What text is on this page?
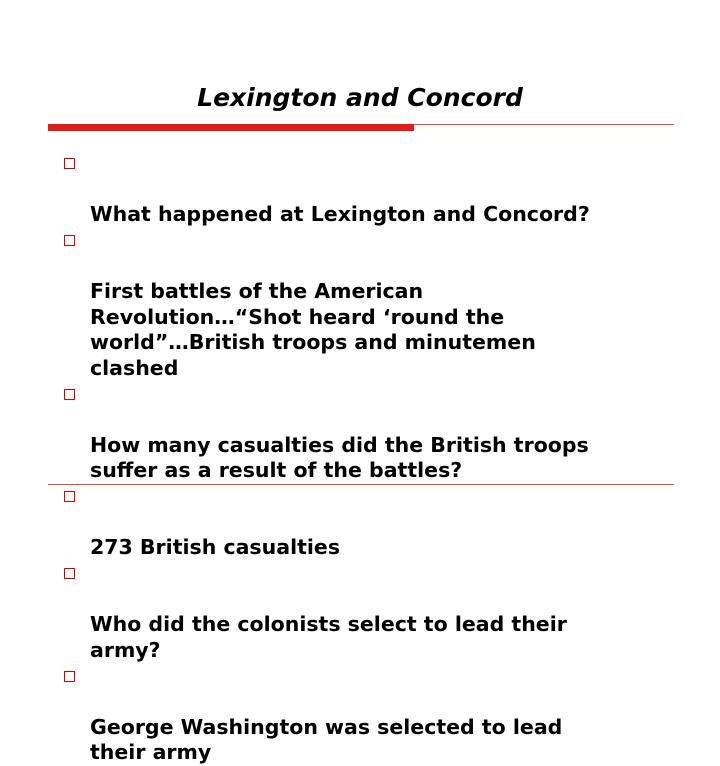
Lexington and Concord

What happened at Lexington and Concord?

First battles of the American
Revolution…“Shot heard ‘round the
world”…British troops and minutemen
clashed

How many casualties did the British troops
suffer as a result of the battles?

273 British casualties

Who did the colonists select to lead their
army?

George Washington was selected to lead
their army
